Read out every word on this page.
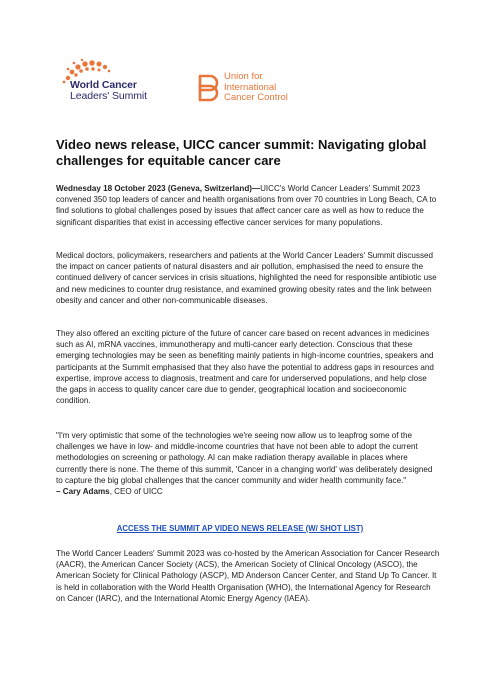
World Cancer
Leaders' Summit
Union for
International
Cancer Control
Video news release, UICC cancer summit: Navigating global challenges for equitable cancer care
Wednesday 18 October 2023 (Geneva, Switzerland)—UICC's World Cancer Leaders' Summit 2023 convened 350 top leaders of cancer and health organisations from over 70 countries in Long Beach, CA to find solutions to global challenges posed by issues that affect cancer care as well as how to reduce the significant disparities that exist in accessing effective cancer services for many populations.
Medical doctors, policymakers, researchers and patients at the World Cancer Leaders' Summit discussed the impact on cancer patients of natural disasters and air pollution, emphasised the need to ensure the continued delivery of cancer services in crisis situations, highlighted the need for responsible antibiotic use and new medicines to counter drug resistance, and examined growing obesity rates and the link between obesity and cancer and other non-communicable diseases.
They also offered an exciting picture of the future of cancer care based on recent advances in medicines such as AI, mRNA vaccines, immunotherapy and multi-cancer early detection. Conscious that these emerging technologies may be seen as benefiting mainly patients in high-income countries, speakers and participants at the Summit emphasised that they also have the potential to address gaps in resources and expertise, improve access to diagnosis, treatment and care for underserved populations, and help close the gaps in access to quality cancer care due to gender, geographical location and socioeconomic condition.
"I'm very optimistic that some of the technologies we're seeing now allow us to leapfrog some of the challenges we have in low- and middle-income countries that have not been able to adopt the current methodologies on screening or pathology. AI can make radiation therapy available in places where currently there is none. The theme of this summit, 'Cancer in a changing world' was deliberately designed to capture the big global challenges that the cancer community and wider health community face."
– Cary Adams, CEO of UICC
ACCESS THE SUMMIT AP VIDEO NEWS RELEASE (W/ SHOT LIST)
The World Cancer Leaders' Summit 2023 was co-hosted by the American Association for Cancer Research (AACR), the American Cancer Society (ACS), the American Society of Clinical Oncology (ASCO), the American Society for Clinical Pathology (ASCP), MD Anderson Cancer Center, and Stand Up To Cancer. It is held in collaboration with the World Health Organisation (WHO), the International Agency for Research on Cancer (IARC), and the International Atomic Energy Agency (IAEA).
